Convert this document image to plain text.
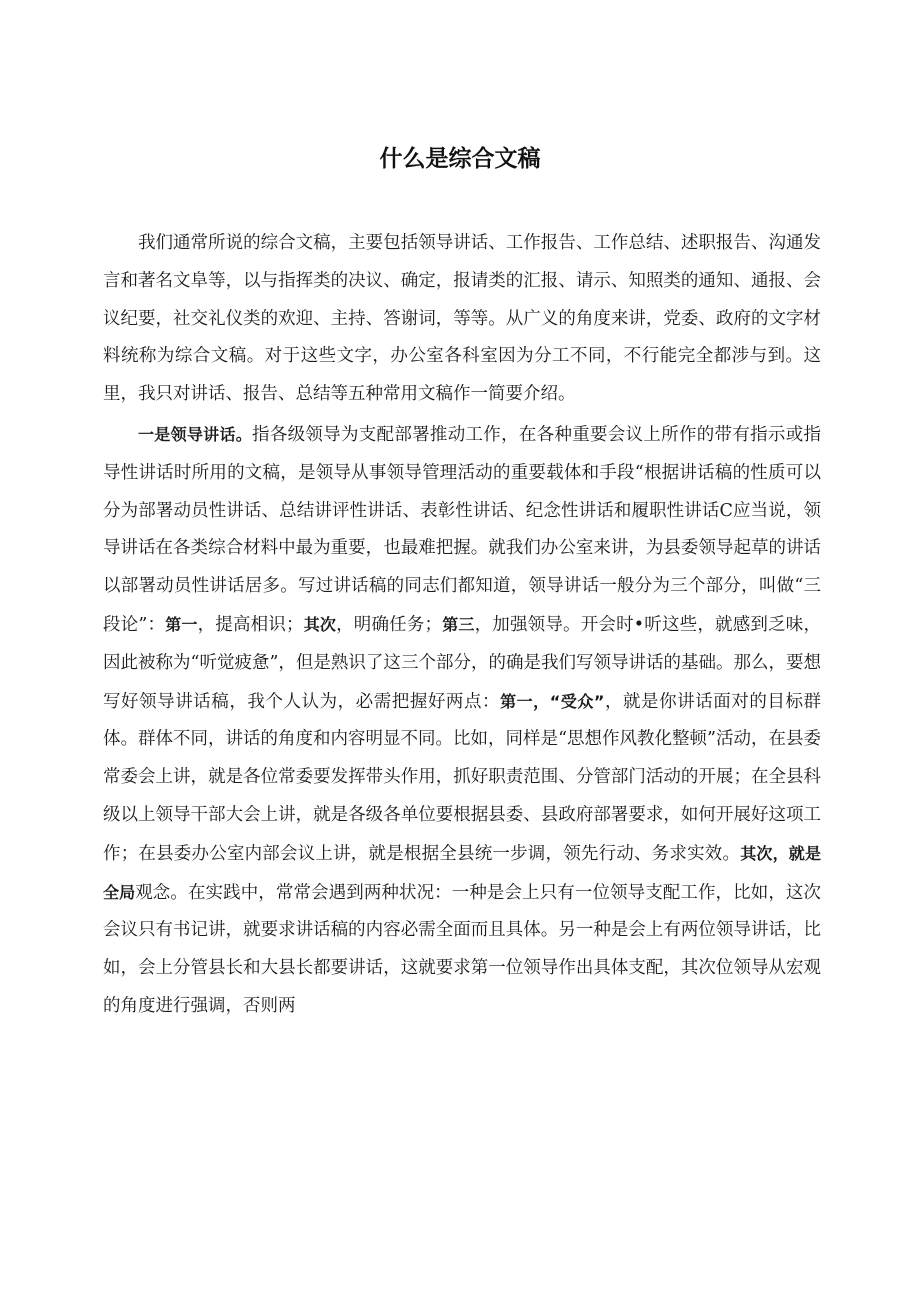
什么是综合文稿

我们通常所说的综合文稿，主要包括领导讲话、工作报告、工作总结、述职报告、沟通发言和著名文阜等，以与指挥类的决议、确定，报请类的汇报、请示、知照类的通知、通报、会议纪要，社交礼仪类的欢迎、主持、答谢词，等等。从广义的角度来讲，党委、政府的文字材料统称为综合文稿。对于这些文字，办公室各科室因为分工不同，不行能完全都涉与到。这里，我只对讲话、报告、总结等五种常用文稿作一简要介绍。

一是领导讲话。指各级领导为支配部署推动工作，在各种重要会议上所作的带有指示或指导性讲话时所用的文稿，是领导从事领导管理活动的重要载体和手段“根据讲话稿的性质可以分为部署动员性讲话、总结讲评性讲话、表彰性讲话、纪念性讲话和履职性讲话C应当说，领导讲话在各类综合材料中最为重要，也最难把握。就我们办公室来讲，为县委领导起草的讲话以部署动员性讲话居多。写过讲话稿的同志们都知道，领导讲话一般分为三个部分，叫做“三段论”：第一，提高相识；其次，明确任务；第三，加强领导。开会时•听这些，就感到乏味，因此被称为“听觉疲惫”，但是熟识了这三个部分，的确是我们写领导讲话的基础。那么，要想写好领导讲话稿，我个人认为，必需把握好两点：第一，“受众”，就是你讲话面对的目标群体。群体不同，讲话的角度和内容明显不同。比如，同样是“思想作风教化整顿”活动，在县委常委会上讲，就是各位常委要发挥带头作用，抓好职责范围、分管部门活动的开展；在全县科级以上领导干部大会上讲，就是各级各单位要根据县委、县政府部署要求，如何开展好这项工作；在县委办公室内部会议上讲，就是根据全县统一步调，领先行动、务求实效。其次，就是全局观念。在实践中，常常会遇到两种状况：一种是会上只有一位领导支配工作，比如，这次会议只有书记讲，就要求讲话稿的内容必需全面而且具体。另一种是会上有两位领导讲话，比如，会上分管县长和大县长都要讲话，这就要求第一位领导作出具体支配，其次位领导从宏观的角度进行强调，否则两
